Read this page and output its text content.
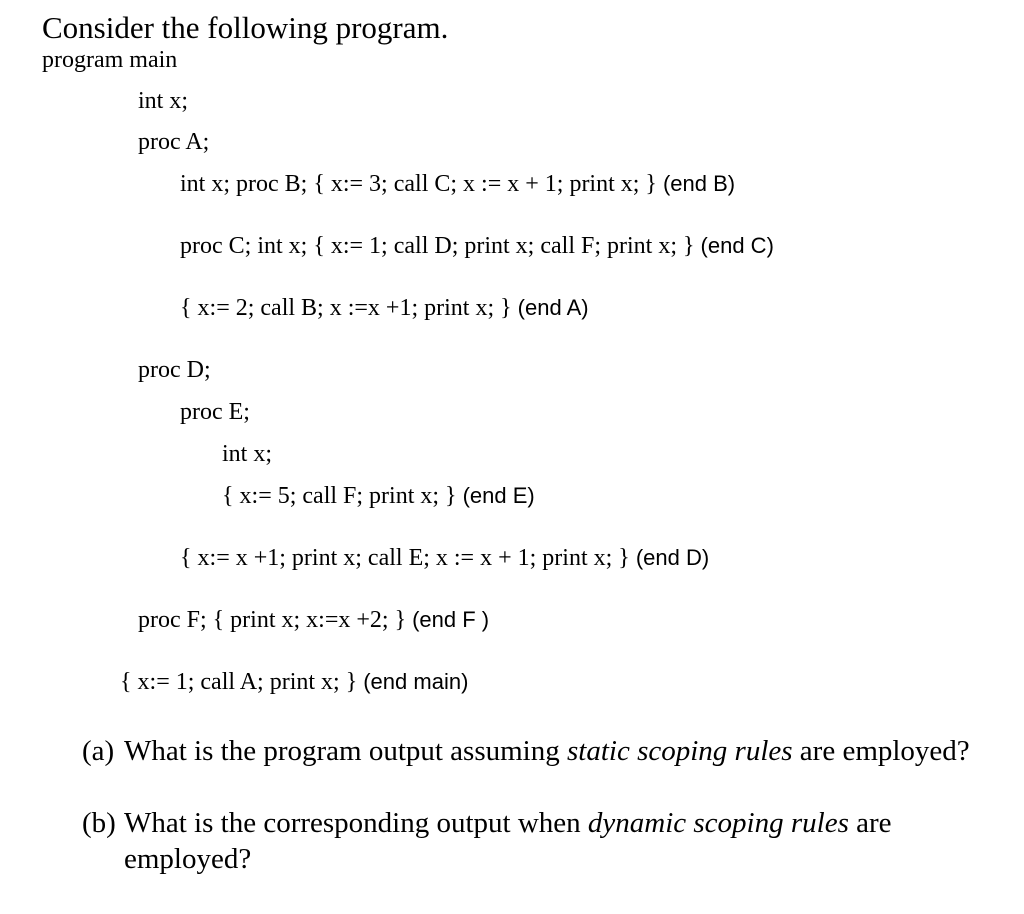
Consider the following program.
program main
int x;
proc A;
int x; proc B; { x:= 3; call C; x := x + 1; print x; } (end B)
proc C; int x; { x:= 1; call D; print x; call F; print x; } (end C)
{ x:= 2; call B; x :=x +1; print x; } (end A)
proc D;
proc E;
int x;
{ x:= 5; call F; print x; } (end E)
{ x:= x +1; print x; call E; x := x + 1; print x; } (end D)
proc F; { print x; x:=x +2; } (end F )
{ x:= 1; call A; print x; } (end main)
(a) What is the program output assuming static scoping rules are employed?
(b) What is the corresponding output when dynamic scoping rules are employed?
